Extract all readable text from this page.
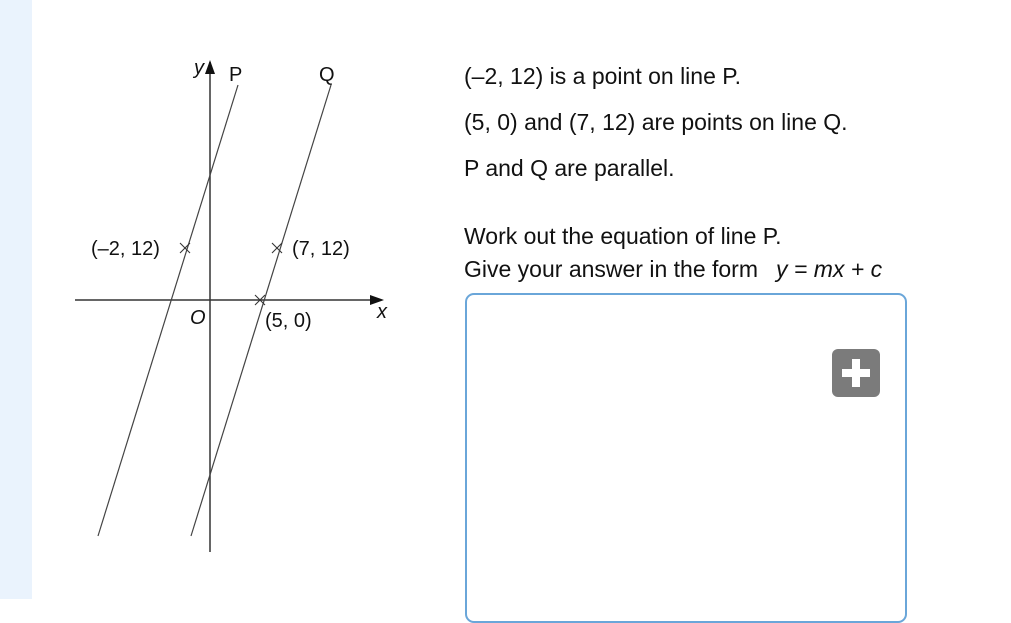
y P	Q
(–2, 12)	(7, 12)
O	(5, 0)	x
(–2, 12) is a point on line P.
(5, 0) and (7, 12) are points on line Q.
P and Q are parallel.
Work out the equation of line P.
Give your answer in the form y = mx + c
